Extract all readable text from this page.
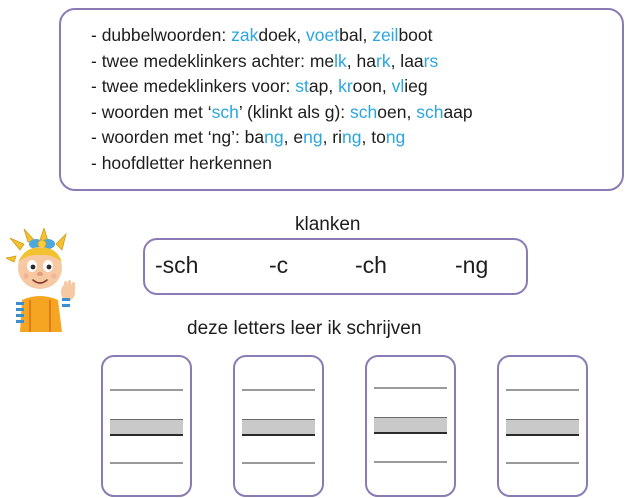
- dubbelwoorden: zakdoek, voetbal, zeilboot
- twee medeklinkers achter: melk, hark, laars
- twee medeklinkers voor: stap, kroon, vlieg
- woorden met ‘sch’ (klinkt als g): schoen, schaap
- woorden met ‘ng’: bang, eng, ring, tong
- hoofdletter herkennen
klanken
-sch	-c	-ch	-ng
deze letters leer ik schrijven
